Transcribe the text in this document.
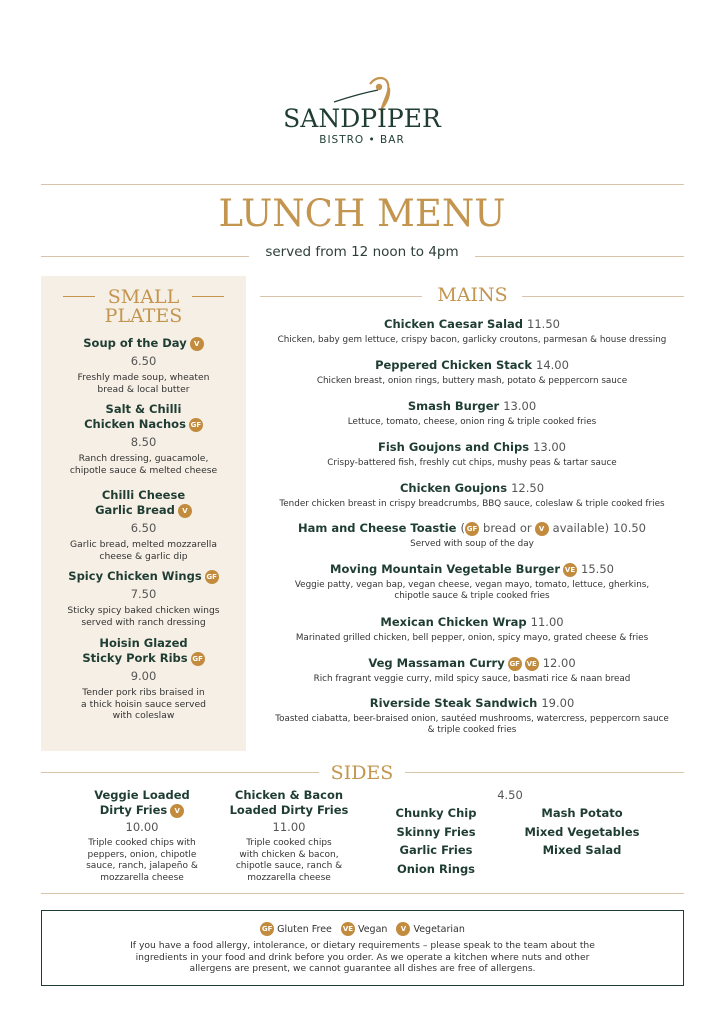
SANDPIPER
BISTRO • BAR
LUNCH MENU
served from 12 noon to 4pm
SMALL
PLATES
Soup of the Day V
6.50
Freshly made soup, wheaten
bread & local butter
Salt & Chilli
Chicken Nachos GF
8.50
Ranch dressing, guacamole,
chipotle sauce & melted cheese
Chilli Cheese
Garlic Bread V
6.50
Garlic bread, melted mozzarella
cheese & garlic dip
Spicy Chicken Wings GF
7.50
Sticky spicy baked chicken wings
served with ranch dressing
Hoisin Glazed
Sticky Pork Ribs GF
9.00
Tender pork ribs braised in
a thick hoisin sauce served
with coleslaw
MAINS
Chicken Caesar Salad 11.50
Chicken, baby gem lettuce, crispy bacon, garlicky croutons, parmesan & house dressing
Peppered Chicken Stack 14.00
Chicken breast, onion rings, buttery mash, potato & peppercorn sauce
Smash Burger 13.00
Lettuce, tomato, cheese, onion ring & triple cooked fries
Fish Goujons and Chips 13.00
Crispy-battered fish, freshly cut chips, mushy peas & tartar sauce
Chicken Goujons 12.50
Tender chicken breast in crispy breadcrumbs, BBQ sauce, coleslaw & triple cooked fries
Ham and Cheese Toastie ( GF bread or V available) 10.50
Served with soup of the day
Moving Mountain Vegetable Burger VE 15.50
Veggie patty, vegan bap, vegan cheese, vegan mayo, tomato, lettuce, gherkins,
chipotle sauce & triple cooked fries
Mexican Chicken Wrap 11.00
Marinated grilled chicken, bell pepper, onion, spicy mayo, grated cheese & fries
Veg Massaman Curry GF VE 12.00
Rich fragrant veggie curry, mild spicy sauce, basmati rice & naan bread
Riverside Steak Sandwich 19.00
Toasted ciabatta, beer-braised onion, sautéed mushrooms, watercress, peppercorn sauce
& triple cooked fries
SIDES
Veggie Loaded
Dirty Fries V
10.00
Triple cooked chips with
peppers, onion, chipotle
sauce, ranch, jalapeño &
mozzarella cheese
Chicken & Bacon
Loaded Dirty Fries
11.00
Triple cooked chips
with chicken & bacon,
chipotle sauce, ranch &
mozzarella cheese
4.50
Chunky Chip
Skinny Fries
Garlic Fries
Onion Rings
Mash Potato
Mixed Vegetables
Mixed Salad
GF Gluten Free VE Vegan V Vegetarian
If you have a food allergy, intolerance, or dietary requirements – please speak to the team about the
ingredients in your food and drink before you order. As we operate a kitchen where nuts and other
allergens are present, we cannot guarantee all dishes are free of allergens.
